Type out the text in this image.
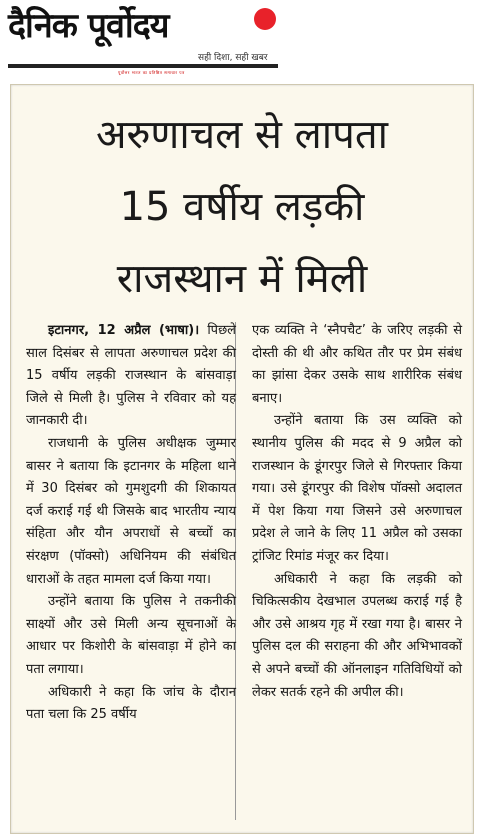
दैनिक पूर्वोदय
सही दिशा, सही खबर
पूर्वोत्तर भारत का प्रतिष्ठित समाचार पत्र
अरुणाचल से लापता
15 वर्षीय लड़की
राजस्थान में मिली

इटानगर, 12 अप्रैल (भाषा)। पिछले साल दिसंबर से लापता अरुणाचल प्रदेश की 15 वर्षीय लड़की राजस्थान के बांसवाड़ा जिले से मिली है। पुलिस ने रविवार को यह जानकारी दी।

राजधानी के पुलिस अधीक्षक जुम्मार बासर ने बताया कि इटानगर के महिला थाने में 30 दिसंबर को गुमशुदगी की शिकायत दर्ज कराई गई थी जिसके बाद भारतीय न्याय संहिता और यौन अपराधों से बच्चों का संरक्षण (पॉक्सो) अधिनियम की संबंधित धाराओं के तहत मामला दर्ज किया गया।

उन्होंने बताया कि पुलिस ने तकनीकी साक्ष्यों और उसे मिली अन्य सूचनाओं के आधार पर किशोरी के बांसवाड़ा में होने का पता लगाया।

अधिकारी ने कहा कि जांच के दौरान पता चला कि 25 वर्षीय

एक व्यक्ति ने ‘स्नैपचैट’ के जरिए लड़की से दोस्ती की थी और कथित तौर पर प्रेम संबंध का झांसा देकर उसके साथ शारीरिक संबंध बनाए।

उन्होंने बताया कि उस व्यक्ति को स्थानीय पुलिस की मदद से 9 अप्रैल को राजस्थान के डूंगरपुर जिले से गिरफ्तार किया गया। उसे डूंगरपुर की विशेष पॉक्सो अदालत में पेश किया गया जिसने उसे अरुणाचल प्रदेश ले जाने के लिए 11 अप्रैल को उसका ट्रांजिट रिमांड मंजूर कर दिया।

अधिकारी ने कहा कि लड़की को चिकित्सकीय देखभाल उपलब्ध कराई गई है और उसे आश्रय गृह में रखा गया है। बासर ने पुलिस दल की सराहना की और अभिभावकों से अपने बच्चों की ऑनलाइन गतिविधियों को लेकर सतर्क रहने की अपील की।
